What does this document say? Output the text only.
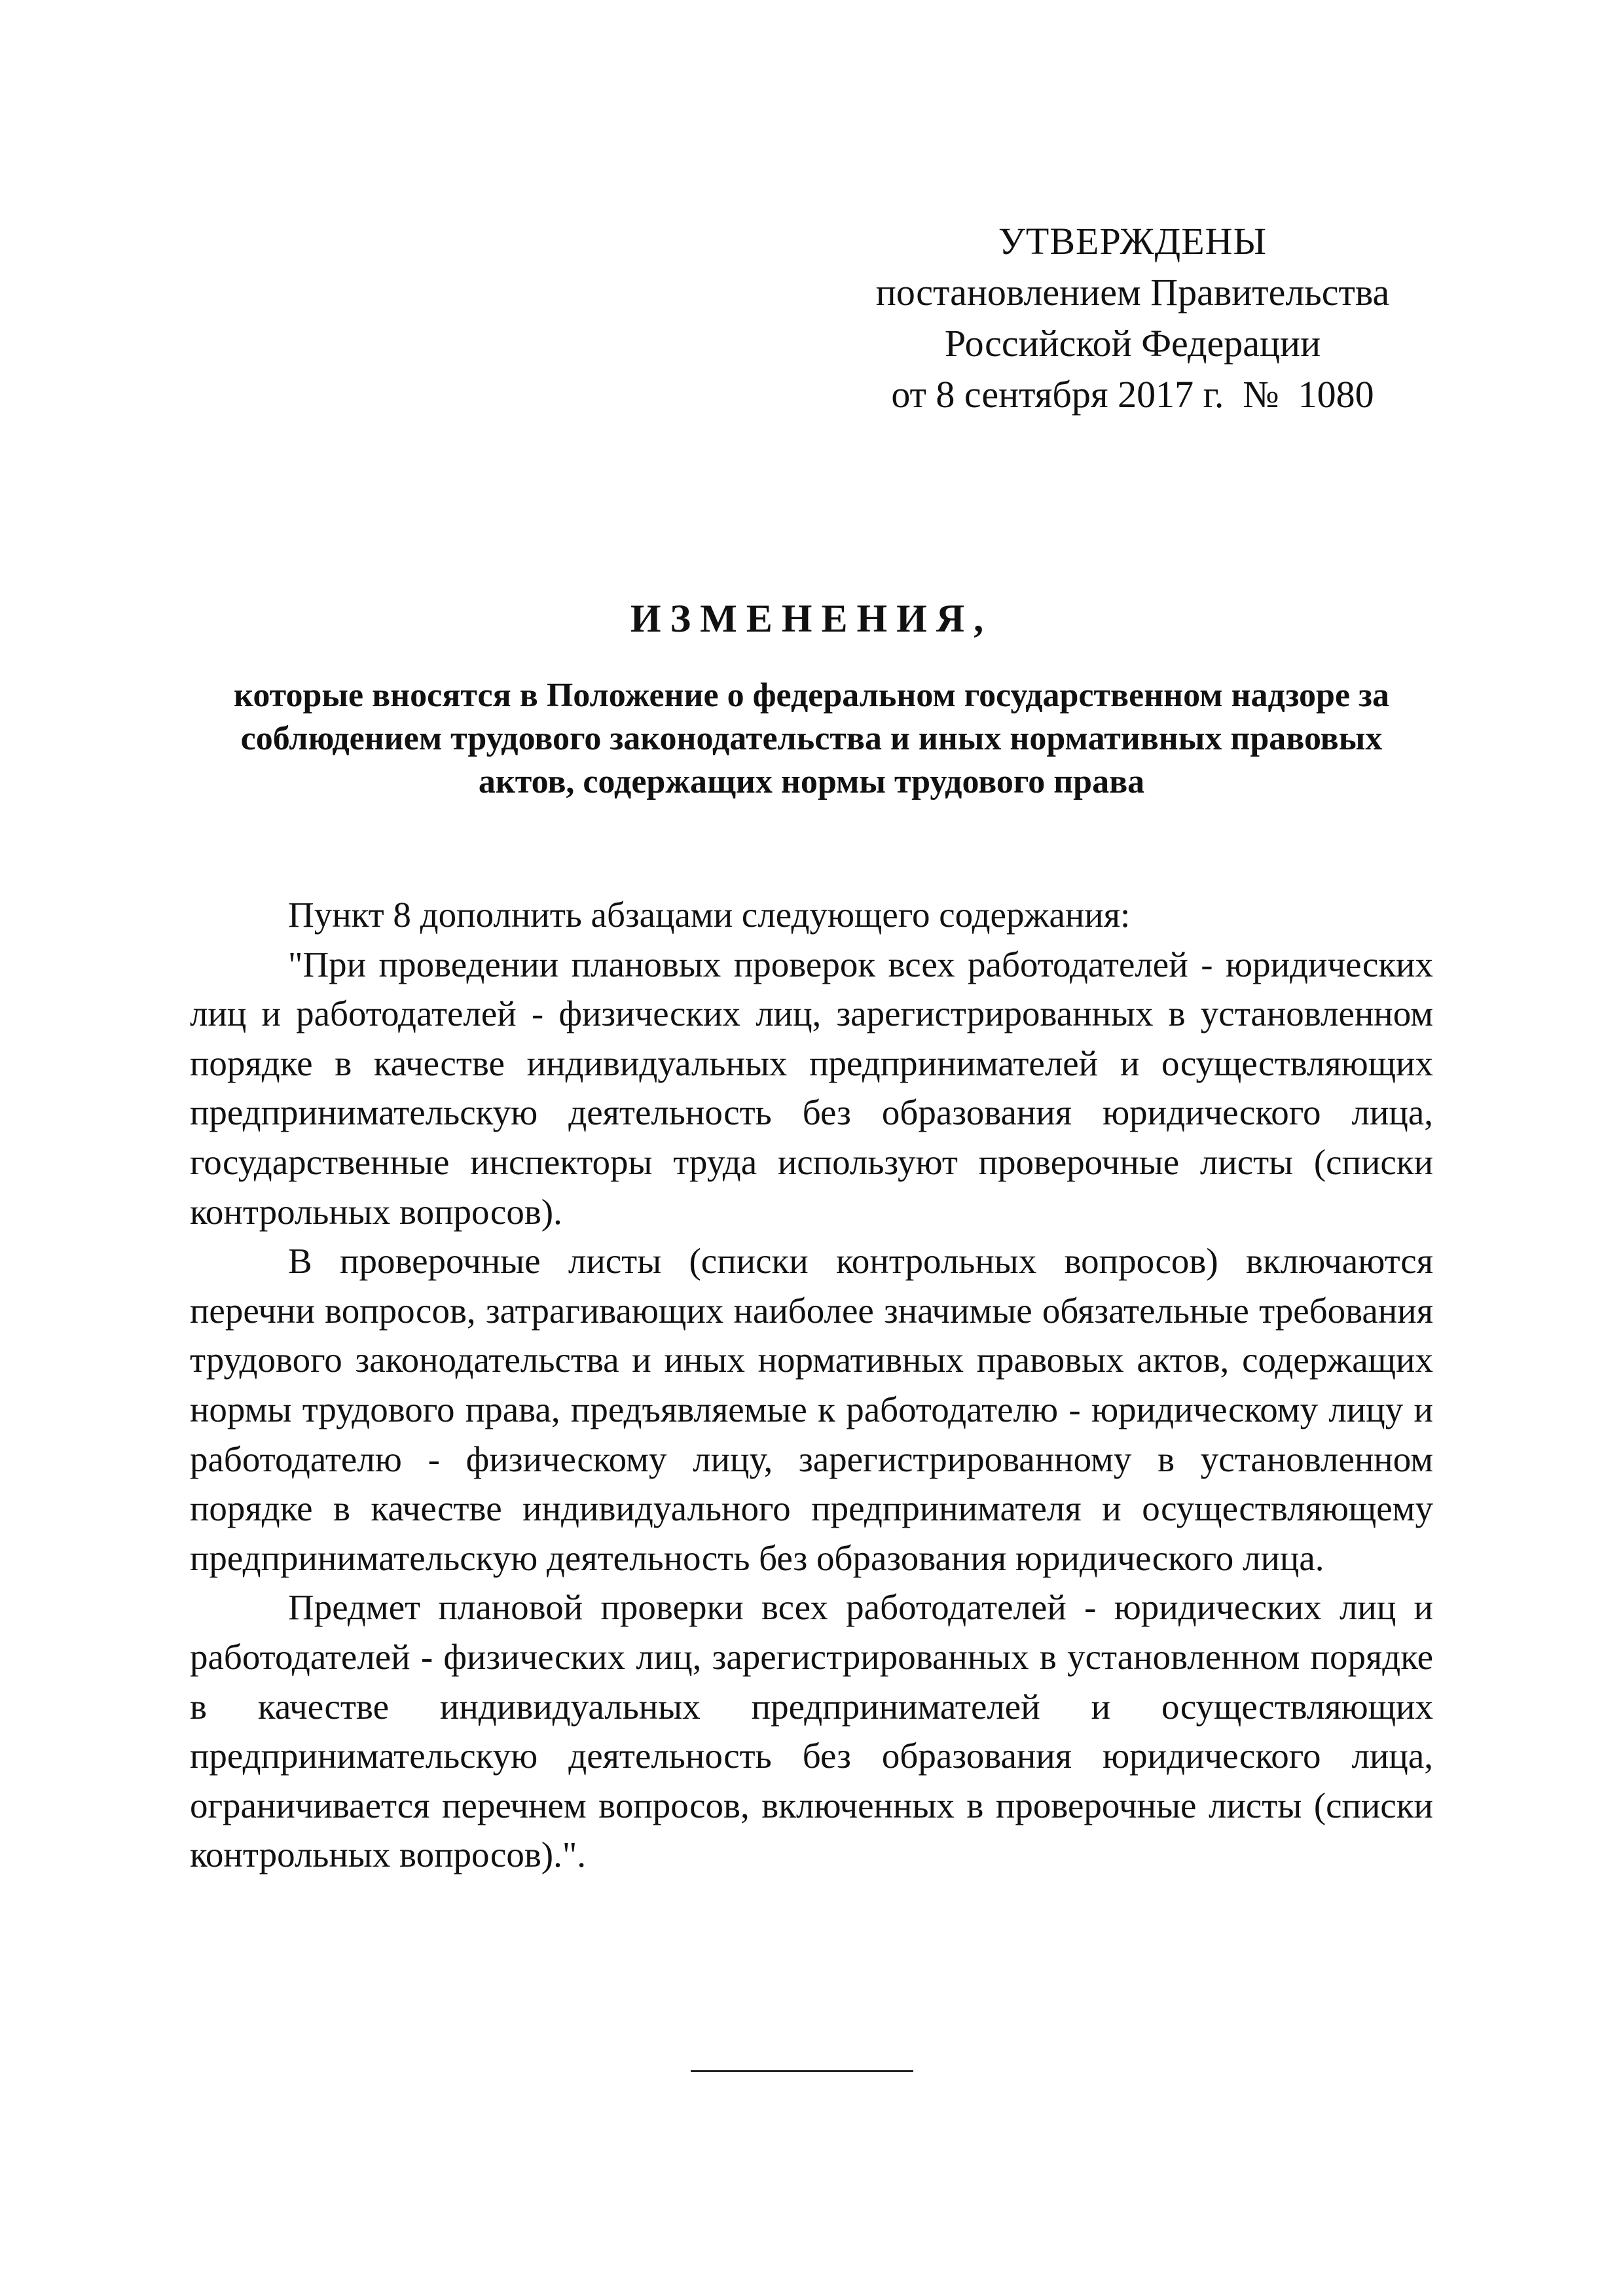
УТВЕРЖДЕНЫ
постановлением Правительства
Российской Федерации
от 8 сентября 2017 г.  №  1080
ИЗМЕНЕНИЯ,
которые вносятся в Положение о федеральном государственном надзоре за соблюдением трудового законодательства и иных нормативных правовых актов, содержащих нормы трудового права

Пункт 8 дополнить абзацами следующего содержания:

"При проведении плановых проверок всех работодателей - юридических лиц и работодателей - физических лиц, зарегистрированных в установленном порядке в качестве индивидуальных предпринимателей и осуществляющих предпринимательскую деятельность без образования юридического лица, государственные инспекторы труда используют проверочные листы (списки контрольных вопросов).

В проверочные листы (списки контрольных вопросов) включаются перечни вопросов, затрагивающих наиболее значимые обязательные требования трудового законодательства и иных нормативных правовых актов, содержащих нормы трудового права, предъявляемые к работодателю - юридическому лицу и работодателю - физическому лицу, зарегистрированному в установленном порядке в качестве индивидуального предпринимателя и осуществляющему предпринимательскую деятельность без образования юридического лица.

Предмет плановой проверки всех работодателей - юридических лиц и работодателей - физических лиц, зарегистрированных в установленном порядке в качестве индивидуальных предпринимателей и осуществляющих предпринимательскую деятельность без образования юридического лица, ограничивается перечнем вопросов, включенных в проверочные листы (списки контрольных вопросов).".
